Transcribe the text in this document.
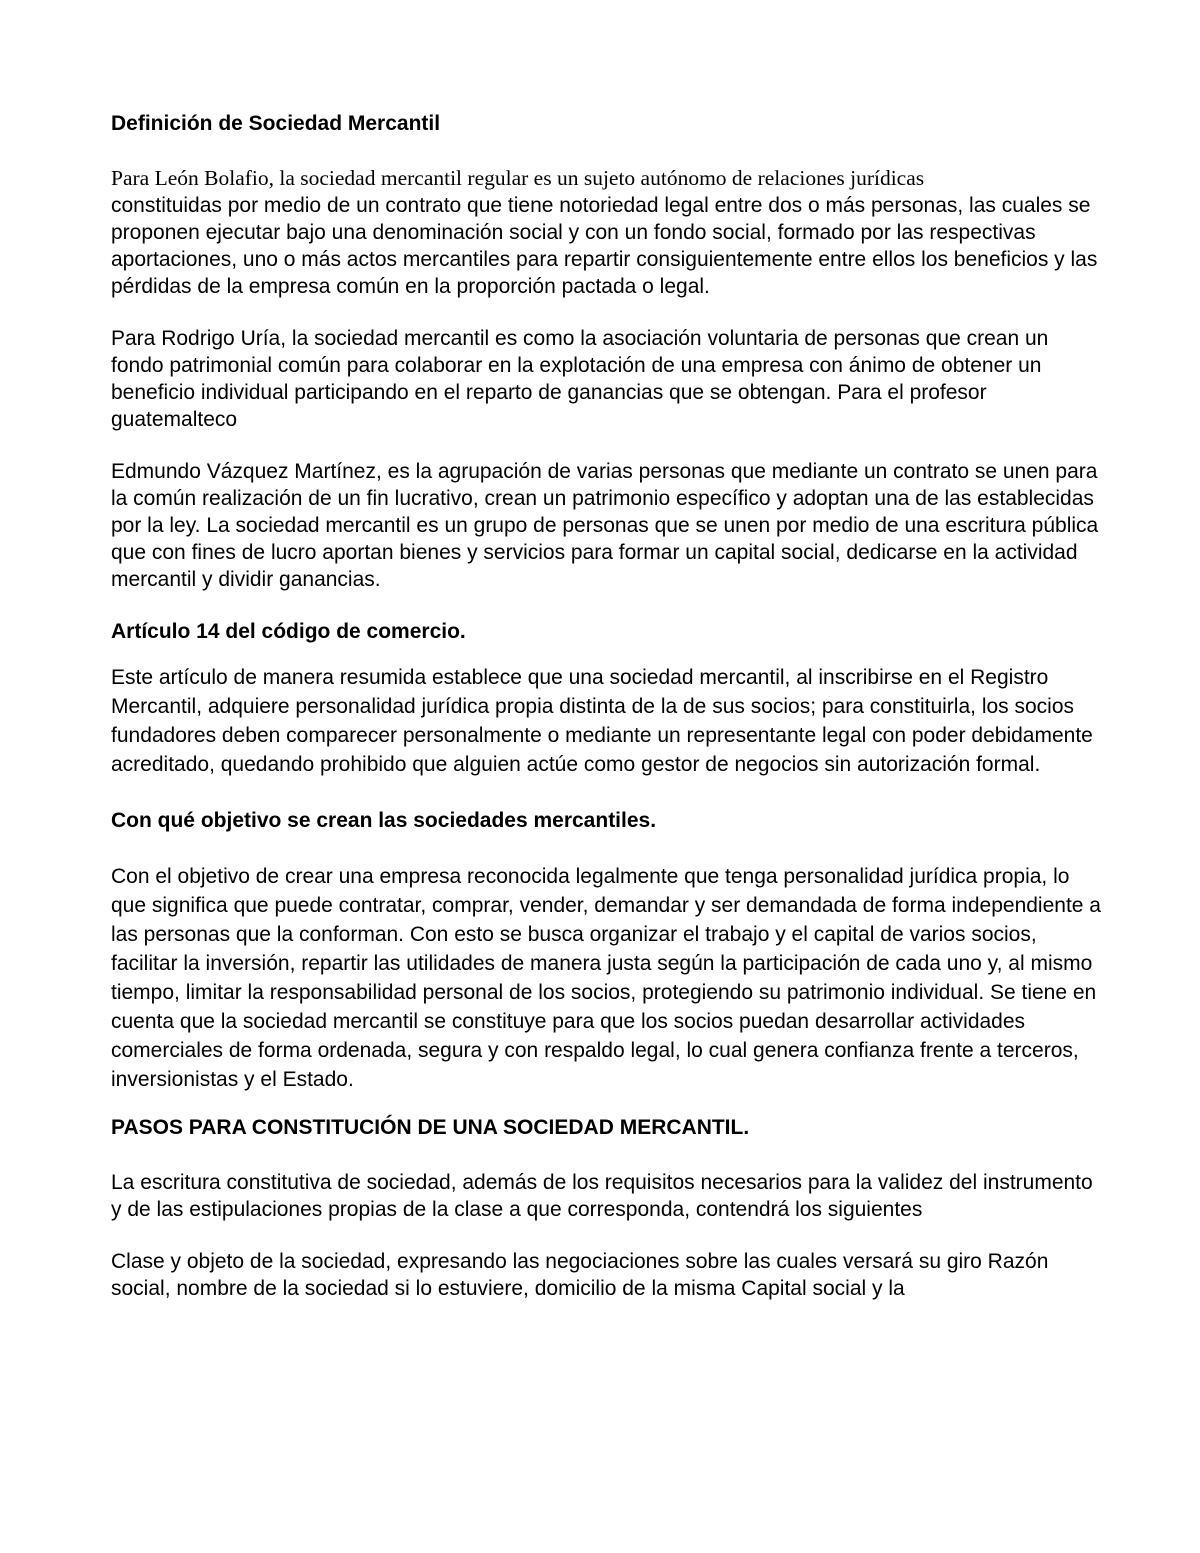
Definición de Sociedad Mercantil

Para León Bolafio, la sociedad mercantil regular es un sujeto autónomo de relaciones jurídicas
constituidas por medio de un contrato que tiene notoriedad legal entre dos o más personas, las cuales se proponen ejecutar bajo una denominación social y con un fondo social, formado por las respectivas aportaciones, uno o más actos mercantiles para repartir consiguientemente entre ellos los beneficios y las pérdidas de la empresa común en la proporción pactada o legal.

Para Rodrigo Uría, la sociedad mercantil es como la asociación voluntaria de personas que crean un fondo patrimonial común para colaborar en la explotación de una empresa con ánimo de obtener un beneficio individual participando en el reparto de ganancias que se obtengan. Para el profesor guatemalteco

Edmundo Vázquez Martínez, es la agrupación de varias personas que mediante un contrato se unen para la común realización de un fin lucrativo, crean un patrimonio específico y adoptan una de las establecidas por la ley. La sociedad mercantil es un grupo de personas que se unen por medio de una escritura pública que con fines de lucro aportan bienes y servicios para formar un capital social, dedicarse en la actividad mercantil y dividir ganancias.

Artículo 14 del código de comercio.

Este artículo de manera resumida establece que una sociedad mercantil, al inscribirse en el Registro Mercantil, adquiere personalidad jurídica propia distinta de la de sus socios; para constituirla, los socios fundadores deben comparecer personalmente o mediante un representante legal con poder debidamente acreditado, quedando prohibido que alguien actúe como gestor de negocios sin autorización formal.

Con qué objetivo se crean las sociedades mercantiles.

Con el objetivo de crear una empresa reconocida legalmente que tenga personalidad jurídica propia, lo que significa que puede contratar, comprar, vender, demandar y ser demandada de forma independiente a las personas que la conforman. Con esto se busca organizar el trabajo y el capital de varios socios, facilitar la inversión, repartir las utilidades de manera justa según la participación de cada uno y, al mismo tiempo, limitar la responsabilidad personal de los socios, protegiendo su patrimonio individual. Se tiene en cuenta que la sociedad mercantil se constituye para que los socios puedan desarrollar actividades comerciales de forma ordenada, segura y con respaldo legal, lo cual genera confianza frente a terceros, inversionistas y el Estado.

PASOS PARA CONSTITUCIÓN DE UNA SOCIEDAD MERCANTIL.

La escritura constitutiva de sociedad, además de los requisitos necesarios para la validez del instrumento y de las estipulaciones propias de la clase a que corresponda, contendrá los siguientes

Clase y objeto de la sociedad, expresando las negociaciones sobre las cuales versará su giro Razón social, nombre de la sociedad si lo estuviere, domicilio de la misma Capital social y la
